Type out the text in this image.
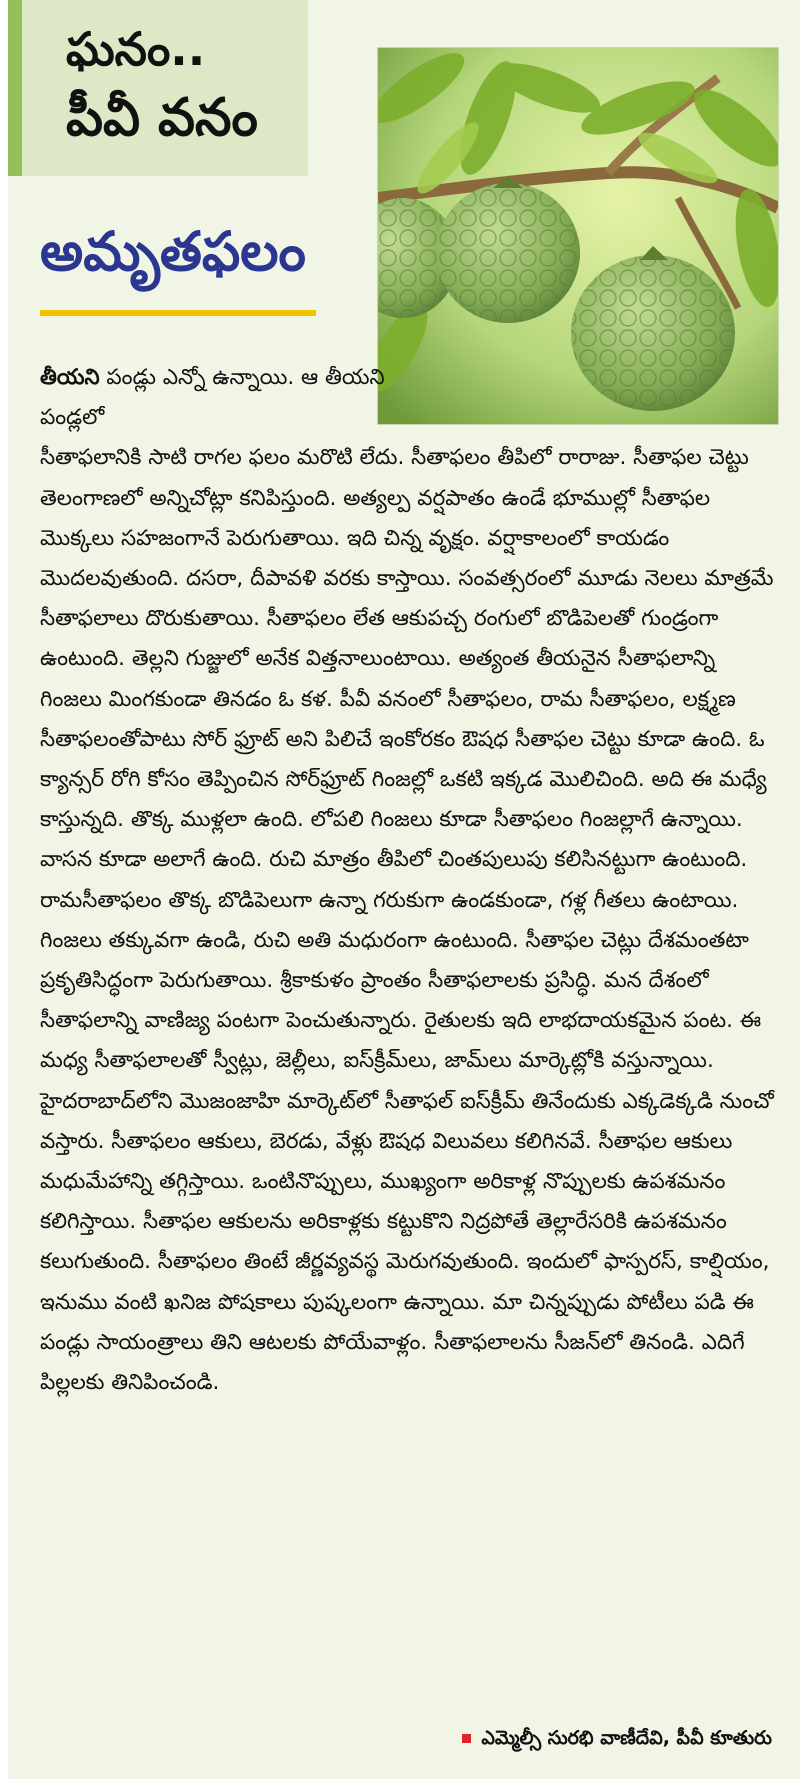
ఘనం..
పీవీ వనం
అమృతఫలం
తీయని పండ్లు ఎన్నో ఉన్నాయి. ఆ తీయని పండ్లలో

సీతాఫలానికి సాటి రాగల ఫలం మరొటి లేదు. సీతాఫలం తీపిలో రారాజు. సీతాఫల చెట్టు తెలంగాణలో అన్నిచోట్లా కనిపిస్తుంది. అత్యల్ప వర్షపాతం ఉండే భూముల్లో సీతాఫల మొక్కలు సహజంగానే పెరుగుతాయి. ఇది చిన్న వృక్షం. వర్షాకాలంలో కాయడం మొదలవుతుంది. దసరా, దీపావళి వరకు కాస్తాయి. సంవత్సరంలో మూడు నెలలు మాత్రమే సీతాఫలాలు దొరుకుతాయి. సీతాఫలం లేత ఆకుపచ్చ రంగులో బొడిపెలతో గుండ్రంగా ఉంటుంది. తెల్లని గుజ్జులో అనేక విత్తనాలుంటాయి. అత్యంత తీయనైన సీతాఫలాన్ని గింజలు మింగకుండా తినడం ఓ కళ. పీవీ వనంలో సీతాఫలం, రామ సీతాఫలం, లక్ష్మణ సీతాఫలంతోపాటు సోర్ ఫ్రూట్ అని పిలిచే ఇంకోరకం ఔషధ సీతాఫల చెట్టు కూడా ఉంది. ఓ క్యాన్సర్ రోగి కోసం తెప్పించిన సోర్‌ఫ్రూట్ గింజల్లో ఒకటి ఇక్కడ మొలిచింది. అది ఈ మధ్యే కాస్తున్నది. తొక్క ముళ్లలా ఉంది. లోపలి గింజలు కూడా సీతాఫలం గింజల్లాగే ఉన్నాయి. వాసన కూడా అలాగే ఉంది. రుచి మాత్రం తీపిలో చింతపులుపు కలిసినట్టుగా ఉంటుంది. రామసీతాఫలం తొక్క బొడిపెలుగా ఉన్నా గరుకుగా ఉండకుండా, గళ్ల గీతలు ఉంటాయి. గింజలు తక్కువగా ఉండి, రుచి అతి మధురంగా ఉంటుంది. సీతాఫల చెట్లు దేశమంతటా ప్రకృతిసిద్ధంగా పెరుగుతాయి. శ్రీకాకుళం ప్రాంతం సీతాఫలాలకు ప్రసిద్ధి. మన దేశంలో సీతాఫలాన్ని వాణిజ్య పంటగా పెంచుతున్నారు. రైతులకు ఇది లాభదాయకమైన పంట. ఈ మధ్య సీతాఫలాలతో స్వీట్లు, జెల్లీలు, ఐస్‌క్రీమ్‌లు, జామ్‌లు మార్కెట్లోకి వస్తున్నాయి. హైదరాబాద్‌లోని మొజంజాహి మార్కెట్‌లో సీతాఫల్ ఐస్‌క్రీమ్ తినేందుకు ఎక్కడెక్కడి నుంచో వస్తారు. సీతాఫలం ఆకులు, బెరడు, వేళ్లు ఔషధ విలువలు కలిగినవే. సీతాఫల ఆకులు మధుమేహాన్ని తగ్గిస్తాయి. ఒంటినొప్పులు, ముఖ్యంగా అరికాళ్ల నొప్పులకు ఉపశమనం కలిగిస్తాయి. సీతాఫల ఆకులను అరికాళ్లకు కట్టుకొని నిద్రపోతే తెల్లారేసరికి ఉపశమనం కలుగుతుంది. సీతాఫలం తింటే జీర్ణవ్యవస్థ మెరుగవుతుంది. ఇందులో ఫాస్పరస్, కాల్షియం, ఇనుము వంటి ఖనిజ పోషకాలు పుష్కలంగా ఉన్నాయి. మా చిన్నప్పుడు పోటీలు పడి ఈ పండ్లు సాయంత్రాలు తిని ఆటలకు పోయేవాళ్లం. సీతాఫలాలను సీజన్‌లో తినండి. ఎదిగే పిల్లలకు తినిపించండి.

ఎమ్మెల్సీ సురభి వాణీదేవి, పీవీ కూతురు
